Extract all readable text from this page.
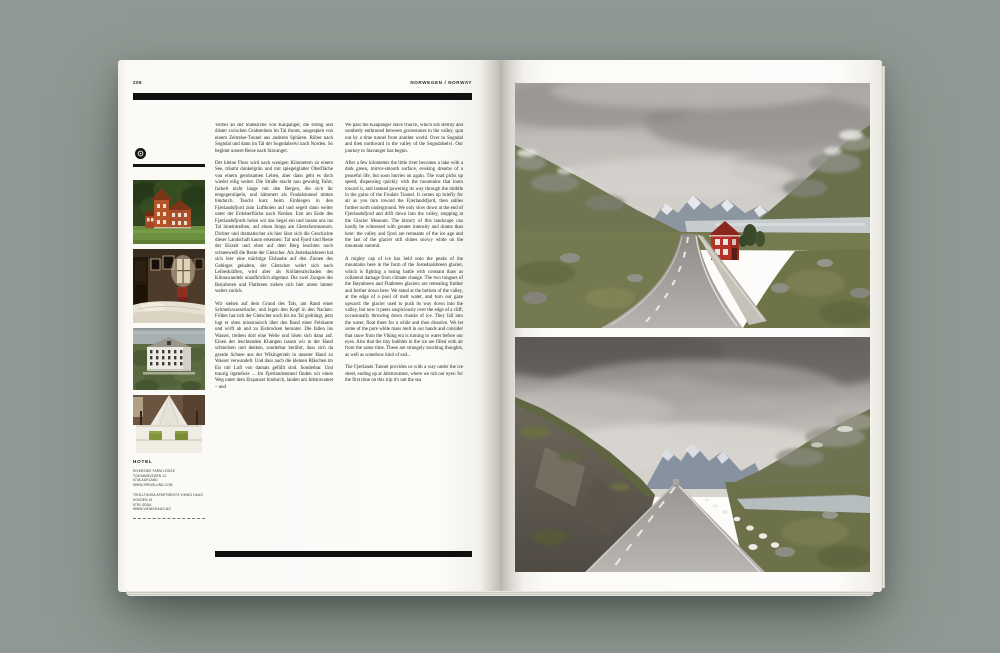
206	NORWEGEN / NORWAY
HOTEL
RIVERSIDE FARM LODGE
TOKVAMSVEGEN 12
5746 AURLAND
WWW.29RUSLUND.COM
TROLLTUNGA APARTMENTS VIKING HAUG
HOVDEN 15
5750 ODDA
WWW.VIKINGHAUG.NO

Vorbei an der Stabkirche von Kaupanger, die streng und düster zwischen Grabsteinen im Tal thront, ausgespien von einem Zeitreise-Tunnel aus anderen Sphären. Rüber nach Sogndal und dann im Tal der Sogndalselvi nach Norden. So beginnt unsere Reise nach Stavanger.

Der kleine Fluss wird nach wenigen Kilometern zu einem See, träumt dunkelgrün und mit spiegelglatter Oberfläche von einem geruhsamen Leben, aber dann geht es doch wieder eilig weiter. Die Straße macht nun gewaltig Fahrt, fackelt nicht lange mit den Bergen, die sich ihr entgegenrüpeln, und hämmert als Frudalstunnel mitten hindurch. Taucht kurz beim Einbiegen in den Fjærlandsfjord zum Luftholen auf und segelt dann weiter unter der Erdoberfläche nach Norden. Erst am Ende des Fjærlandsfjords holen wir das Segel ein und lassen uns ins Tal hineintreiben, auf einen Stopp am Gletschermuseum. Dichter und dramatischer als hier lässt sich die Geschichte dieser Landschaft kaum erkennen: Tal und Fjord sind Reste der Eiszeit und oben auf dem Berg leuchten noch schneeweiß die Reste der Gletscher. Als Jostedaalsbreen hat sich hier eine mächtige Eishaube auf den Zinnen des Gebirges gehalten, der Gletscher wehrt sich nach Leibeskräften, wird aber als Kollateralschaden des Klimawandels unaufhörlich abgetaut. Die zwei Zungen des Bøyabreen und Flatbreen ziehen sich hier unten immer weiter zurück.

Wir stehen auf dem Grund des Tals, am Rand einer Schmelzwasserlache, und legen den Kopf in den Nacken: Früher hat sich der Gletscher noch bis ins Tal gedrängt, jetzt lugt er oben misstrauisch über den Rand einer Felskante und wirft ab und zu Eisbrocken herunter. Die fallen ins Wasser, treiben dort eine Weile und lösen sich dann auf. Einen der leuchtenden Klumpen lassen wir in der Hand schmelzen und denken, sonderbar berührt, dass sich da gerade Schnee aus der Wikingerzeit in unserer Hand zu Wasser verwandelt. Und dass auch die kleinen Bläschen im Eis mit Luft von damals gefüllt sind. Sonderbar. Und traurig irgendwie ... Im Fjærlandstunnel finden wir einen Weg unter dem Eispanzer hindurch, landen am Jølstravatnet – und

We pass the Kaupanger stave church, which sits sternly and somberly enthroned between gravestones in the valley, spat out by a time tunnel from another world. Over to Sogndal and then northward in the valley of the Sogndalselvi. Our journey to Stavanger has begun.

After a few kilometers the little river becomes a lake with a dark green, mirror-smooth surface, evoking dreams of a peaceful life, but soon hurries on again. The road picks up speed, dispensing quickly with the mountains that loom toward it, and instead powering its way through the middle in the guise of the Frudals Tunnel. It comes up briefly for air as you turn toward the Fjærlandsfjord, then sallies further north underground. We only slow down at the end of Fjærlandsfjord and drift down into the valley, stopping at the Glacier Museum. The history of this landscape can hardly be witnessed with greater intensity and drama than here: the valley and fjord are remnants of the ice age and the last of the glacier still shines snowy white on the mountain summit.

A mighty cap of ice has held onto the peaks of the mountains here in the form of the Jostedaalsbreen glacier, which is fighting a losing battle with constant thaw as collateral damage from climate change. The two tongues of the Bøyabreen and Flatbreen glaciers are retreating further and further down here. We stand at the bottom of the valley, at the edge of a pool of melt water, and turn our gaze upward: the glacier used to push its way down into the valley, but now it peers suspiciously over the edge of a cliff, occasionally throwing down chunks of ice. They fall into the water, float there for a while and then dissolve. We let some of the pure white mass melt in our hands and consider that snow from the Viking era is turning to water before our eyes. Also that the tiny bubbles in the ice are filled with air from the same time. These are strangely touching thoughts, as well as somehow kind of sad...

The Fjærlands Tunnel provides us with a way under the ice sheet, ending up at Jølstravatnet, where we rub our eyes: for the first time on this trip it's not the sea
